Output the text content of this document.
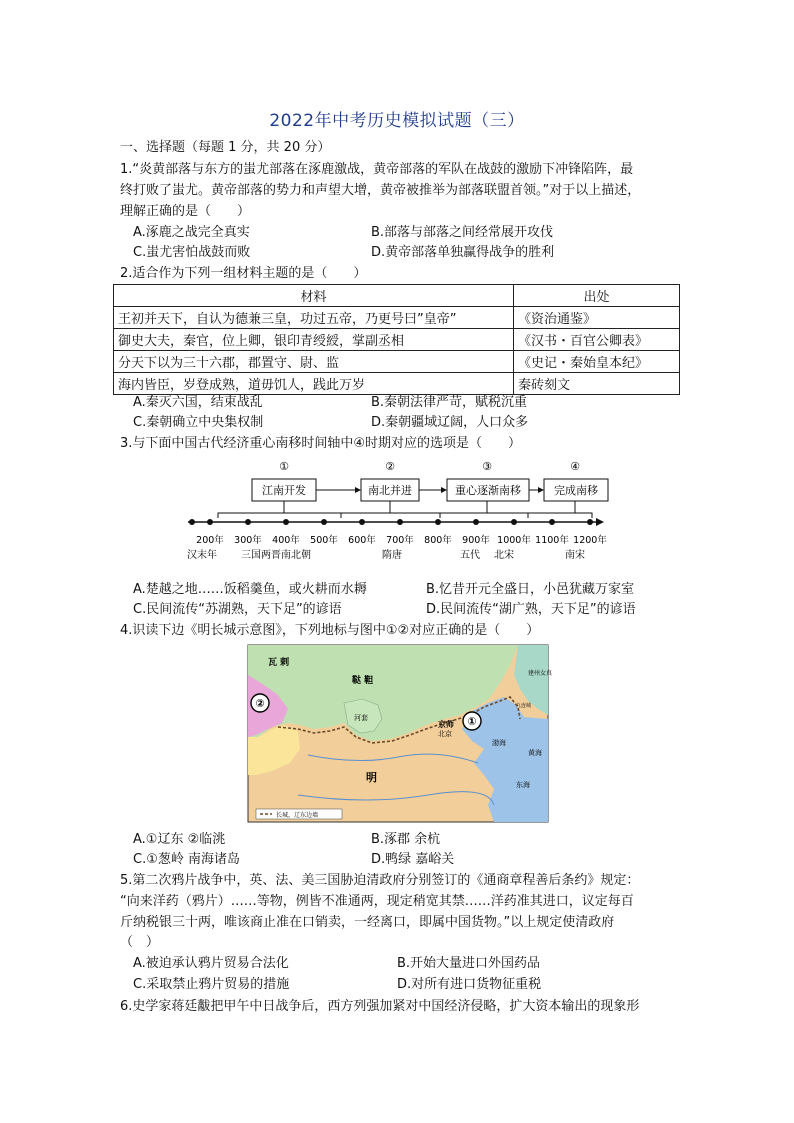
2022年中考历史模拟试题（三）
一、选择题（每题 1 分，共 20 分）
1.“炎黄部落与东方的蚩尤部落在涿鹿激战，黄帝部落的军队在战鼓的激励下冲锋陷阵，最
终打败了蚩尤。黄帝部落的势力和声望大增，黄帝被推举为部落联盟首领。”对于以上描述，
理解正确的是（　　）
A.涿鹿之战完全真实	B.部落与部落之间经常展开攻伐
C.蚩尤害怕战鼓而败	D.黄帝部落单独赢得战争的胜利
2.适合作为下列一组材料主题的是（　　）
材料	出处
王初并天下，自认为德兼三皇，功过五帝，乃更号曰”皇帝”	《资治通鉴》
御史大夫，秦官，位上卿，银印青绶綬，掌副丞相	《汉书・百官公卿表》
分天下以为三十六郡，郡置守、尉、监	《史记・秦始皇本纪》
海内皆臣，岁登成熟，道毋饥人，践此万岁	秦砖刻文
A.秦灭六国，结束战乱	B.秦朝法律严苛，赋税沉重
C.秦朝确立中央集权制	D.秦朝疆域辽阔，人口众多
3.与下面中国古代经济重心南移时间轴中④时期对应的选项是（　　）
①	②	③	④
江南开发	南北并进	重心逐渐南移	完成南移
200年 300年 400年 500年 600年 700年 800年 900年 1000年 1100年 1200年
汉末年 三国两晋南北朝	隋唐	五代 北宋	南宋
A.楚越之地……饭稻羹鱼，或火耕而水耨	B.忆昔开元全盛日，小邑犹藏万家室
C.民间流传“苏湖熟，天下足”的谚语	D.民间流传“湖广熟，天下足”的谚语
4.识读下边《明长城示意图》，下列地标与图中①②对应正确的是（　　）
瓦 剌
鞑 靼
河套
京师
北京
明
渤海
黄海
东海
建州女真
九连城
①
②
长城，辽东边墙
A.①辽东 ②临洮	B.涿郡 余杭
C.①葱岭 南海诸岛	D.鸭绿 嘉峪关
5.第二次鸦片战争中，英、法、美三国胁迫清政府分别签订的《通商章程善后条约》规定：
“向来洋药（鸦片）……等物，例皆不准通两，现定稍宽其禁……洋药准其进口，议定每百
斤纳税银三十两，唯该商止准在口销卖，一经离口，即属中国货物。”以上规定使清政府
（　）
A.被迫承认鸦片贸易合法化	B.开始大量进口外国药品
C.采取禁止鸦片贸易的措施	D.对所有进口货物征重税
6.史学家蒋廷黻把甲午中日战争后，西方列强加紧对中国经济侵略，扩大资本输出的现象形
